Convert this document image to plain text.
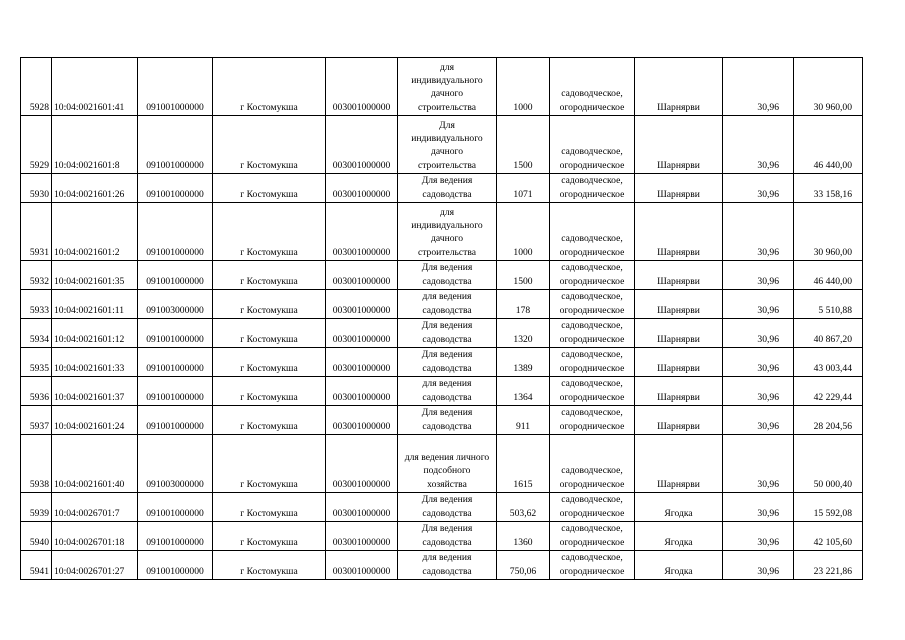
5928	10:04:0021601:41	091001000000	г Костомукша	003001000000	для
индивидуального
дачного
строительства	1000	садоводческое,
огородническое	Шарнярви	30,96	30 960,00
5929	10:04:0021601:8	091001000000	г Костомукша	003001000000	Для
индивидуального
дачного
строительства	1500	садоводческое,
огородническое	Шарнярви	30,96	46 440,00
5930	10:04:0021601:26	091001000000	г Костомукша	003001000000	Для ведения
садоводства	1071	садоводческое,
огородническое	Шарнярви	30,96	33 158,16
5931	10:04:0021601:2	091001000000	г Костомукша	003001000000	для
индивидуального
дачного
строительства	1000	садоводческое,
огородническое	Шарнярви	30,96	30 960,00
5932	10:04:0021601:35	091001000000	г Костомукша	003001000000	Для ведения
садоводства	1500	садоводческое,
огородническое	Шарнярви	30,96	46 440,00
5933	10:04:0021601:11	091003000000	г Костомукша	003001000000	для ведения
садоводства	178	садоводческое,
огородническое	Шарнярви	30,96	5 510,88
5934	10:04:0021601:12	091001000000	г Костомукша	003001000000	Для ведения
садоводства	1320	садоводческое,
огородническое	Шарнярви	30,96	40 867,20
5935	10:04:0021601:33	091001000000	г Костомукша	003001000000	Для ведения
садоводства	1389	садоводческое,
огородническое	Шарнярви	30,96	43 003,44
5936	10:04:0021601:37	091001000000	г Костомукша	003001000000	для ведения
садоводства	1364	садоводческое,
огородническое	Шарнярви	30,96	42 229,44
5937	10:04:0021601:24	091001000000	г Костомукша	003001000000	Для ведения
садоводства	911	садоводческое,
огородническое	Шарнярви	30,96	28 204,56
5938	10:04:0021601:40	091003000000	г Костомукша	003001000000	для ведения личного
подсобного
хозяйства	1615	садоводческое,
огородническое	Шарнярви	30,96	50 000,40
5939	10:04:0026701:7	091001000000	г Костомукша	003001000000	Для ведения
садоводства	503,62	садоводческое,
огородническое	Ягодка	30,96	15 592,08
5940	10:04:0026701:18	091001000000	г Костомукша	003001000000	Для ведения
садоводства	1360	садоводческое,
огородническое	Ягодка	30,96	42 105,60
5941	10:04:0026701:27	091001000000	г Костомукша	003001000000	для ведения
садоводства	750,06	садоводческое,
огородническое	Ягодка	30,96	23 221,86
